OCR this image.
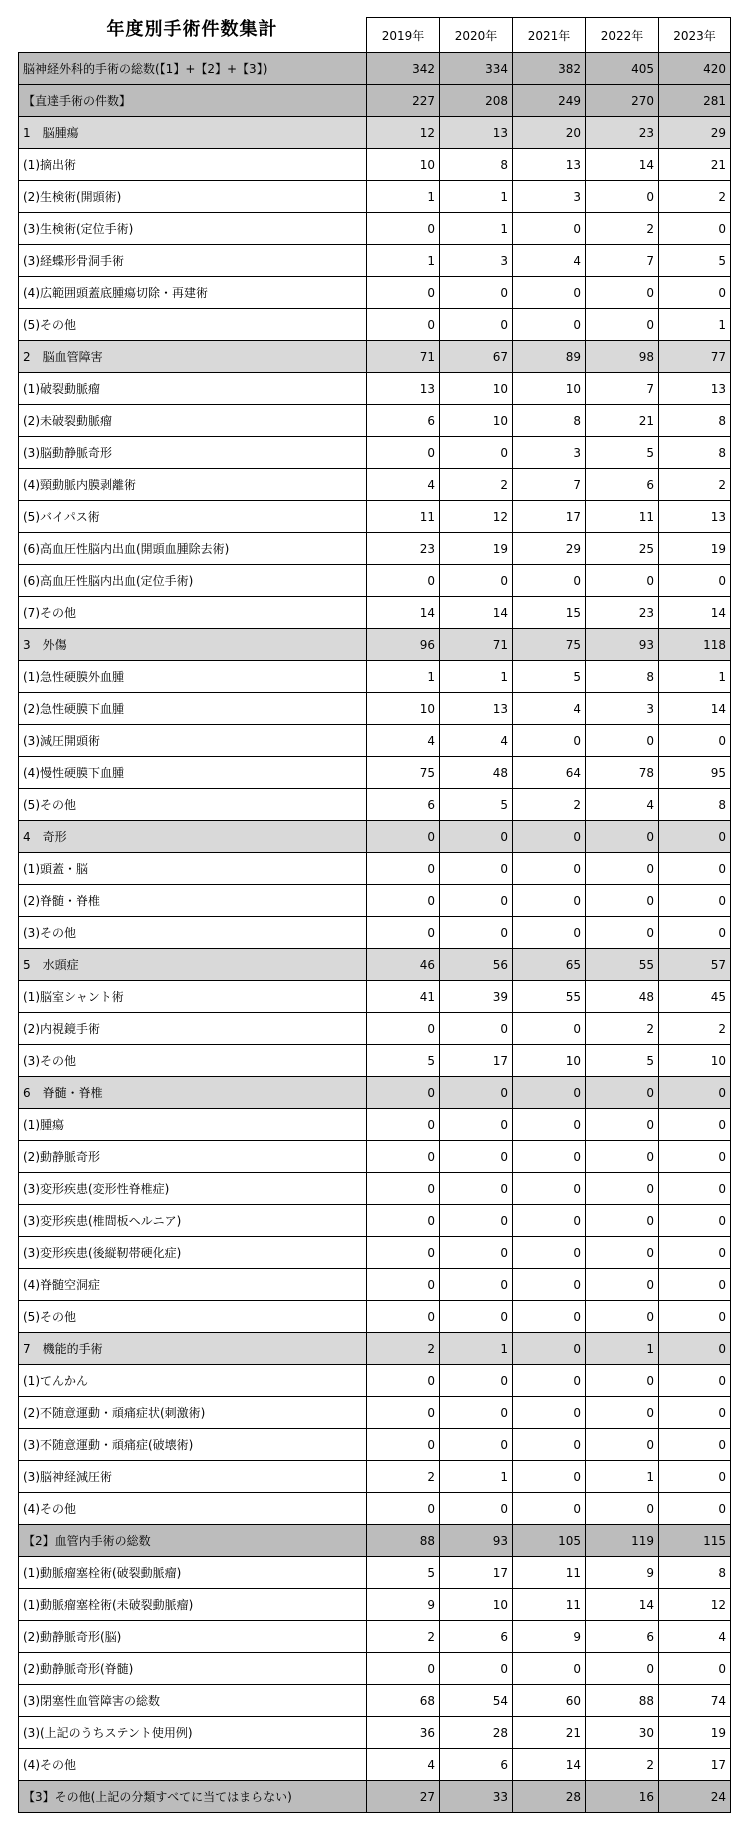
年度別手術件数集計
		2019年	2020年	2021年	2022年	2023年
脳神経外科的手術の総数(【1】+【2】+【3】)	342	334	382	405	420
【直達手術の件数】	227	208	249	270	281
1　脳腫瘍	12	13	20	23	29
(1)摘出術	10	8	13	14	21
(2)生検術(開頭術)	1	1	3	0	2
(3)生検術(定位手術)	0	1	0	2	0
(3)経蝶形骨洞手術	1	3	4	7	5
(4)広範囲頭蓋底腫瘍切除・再建術	0	0	0	0	0
(5)その他	0	0	0	0	1
2　脳血管障害	71	67	89	98	77
(1)破裂動脈瘤	13	10	10	7	13
(2)未破裂動脈瘤	6	10	8	21	8
(3)脳動静脈奇形	0	0	3	5	8
(4)頸動脈内膜剥離術	4	2	7	6	2
(5)バイパス術	11	12	17	11	13
(6)高血圧性脳内出血(開頭血腫除去術)	23	19	29	25	19
(6)高血圧性脳内出血(定位手術)	0	0	0	0	0
(7)その他	14	14	15	23	14
3　外傷	96	71	75	93	118
(1)急性硬膜外血腫	1	1	5	8	1
(2)急性硬膜下血腫	10	13	4	3	14
(3)減圧開頭術	4	4	0	0	0
(4)慢性硬膜下血腫	75	48	64	78	95
(5)その他	6	5	2	4	8
4　奇形	0	0	0	0	0
(1)頭蓋・脳	0	0	0	0	0
(2)脊髄・脊椎	0	0	0	0	0
(3)その他	0	0	0	0	0
5　水頭症	46	56	65	55	57
(1)脳室シャント術	41	39	55	48	45
(2)内視鏡手術	0	0	0	2	2
(3)その他	5	17	10	5	10
6　脊髄・脊椎	0	0	0	0	0
(1)腫瘍	0	0	0	0	0
(2)動静脈奇形	0	0	0	0	0
(3)変形疾患(変形性脊椎症)	0	0	0	0	0
(3)変形疾患(椎間板ヘルニア)	0	0	0	0	0
(3)変形疾患(後縦靭帯硬化症)	0	0	0	0	0
(4)脊髄空洞症	0	0	0	0	0
(5)その他	0	0	0	0	0
7　機能的手術	2	1	0	1	0
(1)てんかん	0	0	0	0	0
(2)不随意運動・頑痛症状(刺激術)	0	0	0	0	0
(3)不随意運動・頑痛症(破壊術)	0	0	0	0	0
(3)脳神経減圧術	2	1	0	1	0
(4)その他	0	0	0	0	0
【2】血管内手術の総数	88	93	105	119	115
(1)動脈瘤塞栓術(破裂動脈瘤)	5	17	11	9	8
(1)動脈瘤塞栓術(未破裂動脈瘤)	9	10	11	14	12
(2)動静脈奇形(脳)	2	6	9	6	4
(2)動静脈奇形(脊髄)	0	0	0	0	0
(3)閉塞性血管障害の総数	68	54	60	88	74
(3)(上記のうちステント使用例)	36	28	21	30	19
(4)その他	4	6	14	2	17
【3】その他(上記の分類すべてに当てはまらない)	27	33	28	16	24
